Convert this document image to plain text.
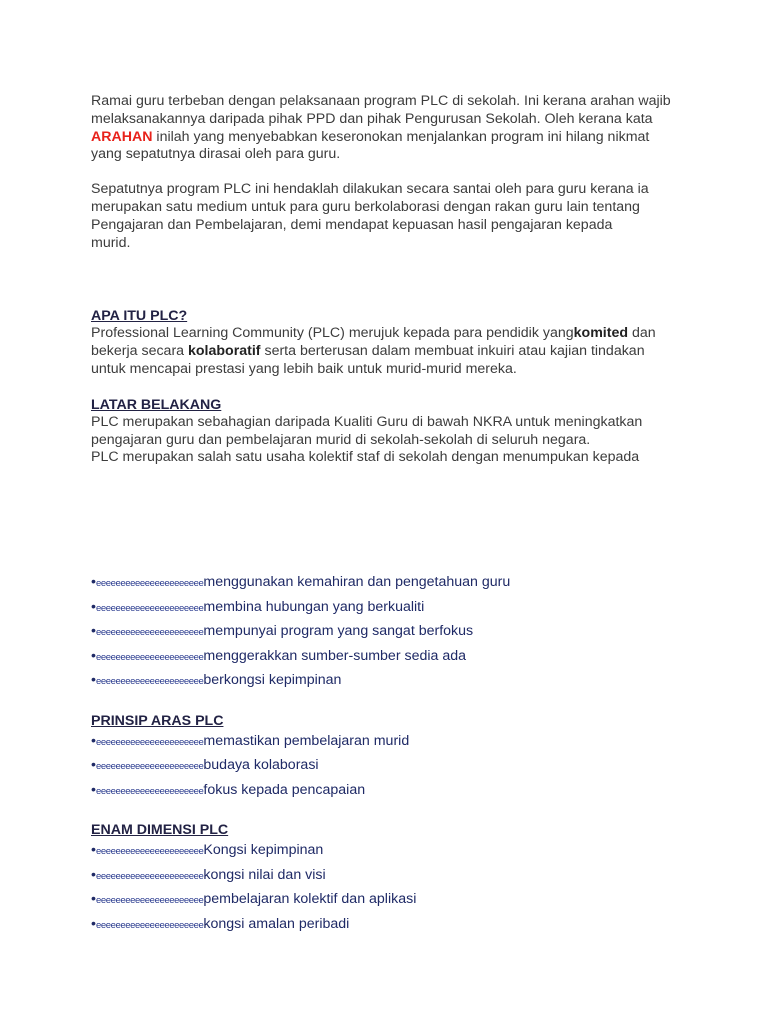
Ramai guru terbeban dengan pelaksanaan program PLC di sekolah. Ini kerana arahan wajib melaksanakannya daripada pihak PPD dan pihak Pengurusan Sekolah. Oleh kerana kata ARAHAN inilah yang menyebabkan keseronokan menjalankan program ini hilang nikmat yang sepatutnya dirasai oleh para guru.

Sepatutnya program PLC ini hendaklah dilakukan secara santai oleh para guru kerana ia merupakan satu medium untuk para guru berkolaborasi dengan rakan guru lain tentang Pengajaran dan Pembelajaran, demi mendapat kepuasan hasil pengajaran kepada murid.

APA ITU PLC?

Professional Learning Community (PLC) merujuk kepada para pendidik yangkomited dan bekerja secara kolaboratif serta berterusan dalam membuat inkuiri atau kajian tindakan untuk mencapai prestasi yang lebih baik untuk murid-murid mereka.

LATAR BELAKANG

PLC merupakan sebahagian daripada Kualiti Guru di bawah NKRA untuk meningkatkan pengajaran guru dan pembelajaran murid di sekolah-sekolah di seluruh negara.

PLC merupakan salah satu usaha kolektif staf di sekolah dengan menumpukan kepada

•eeeeeeeeeeeeeeeeeeeeeemenggunakan kemahiran dan pengetahuan guru
•eeeeeeeeeeeeeeeeeeeeeemembina hubungan yang berkualiti
•eeeeeeeeeeeeeeeeeeeeeemempunyai program yang sangat berfokus
•eeeeeeeeeeeeeeeeeeeeeemenggerakkan sumber-sumber sedia ada
•eeeeeeeeeeeeeeeeeeeeeeberkongsi kepimpinan
PRINSIP ARAS PLC
•eeeeeeeeeeeeeeeeeeeeeememastikan pembelajaran murid
•eeeeeeeeeeeeeeeeeeeeeebudaya kolaborasi
•eeeeeeeeeeeeeeeeeeeeeefokus kepada pencapaian
ENAM DIMENSI PLC
•eeeeeeeeeeeeeeeeeeeeeeKongsi kepimpinan
•eeeeeeeeeeeeeeeeeeeeeekongsi nilai dan visi
•eeeeeeeeeeeeeeeeeeeeeepembelajaran kolektif dan aplikasi
•eeeeeeeeeeeeeeeeeeeeeekongsi amalan peribadi
